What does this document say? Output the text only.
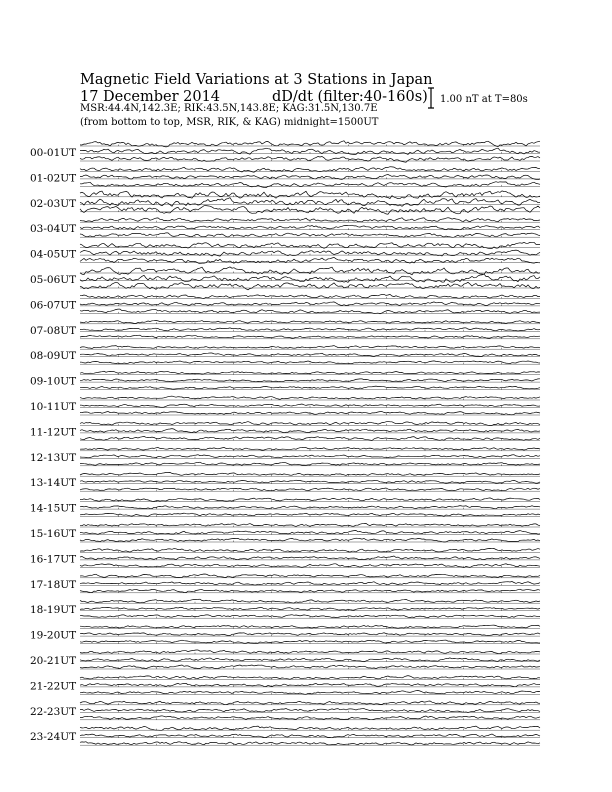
Magnetic Field Variations at 3 Stations in Japan
17 December 2014	dD/dt (filter:40-160s)
MSR:44.4N,142.3E; RIK:43.5N,143.8E; KAG:31.5N,130.7E
(from bottom to top, MSR, RIK, & KAG) midnight=1500UT
1.00 nT at T=80s
00-01UT
01-02UT
02-03UT
03-04UT
04-05UT
05-06UT
06-07UT
07-08UT
08-09UT
09-10UT
10-11UT
11-12UT
12-13UT
13-14UT
14-15UT
15-16UT
16-17UT
17-18UT
18-19UT
19-20UT
20-21UT
21-22UT
22-23UT
23-24UT
